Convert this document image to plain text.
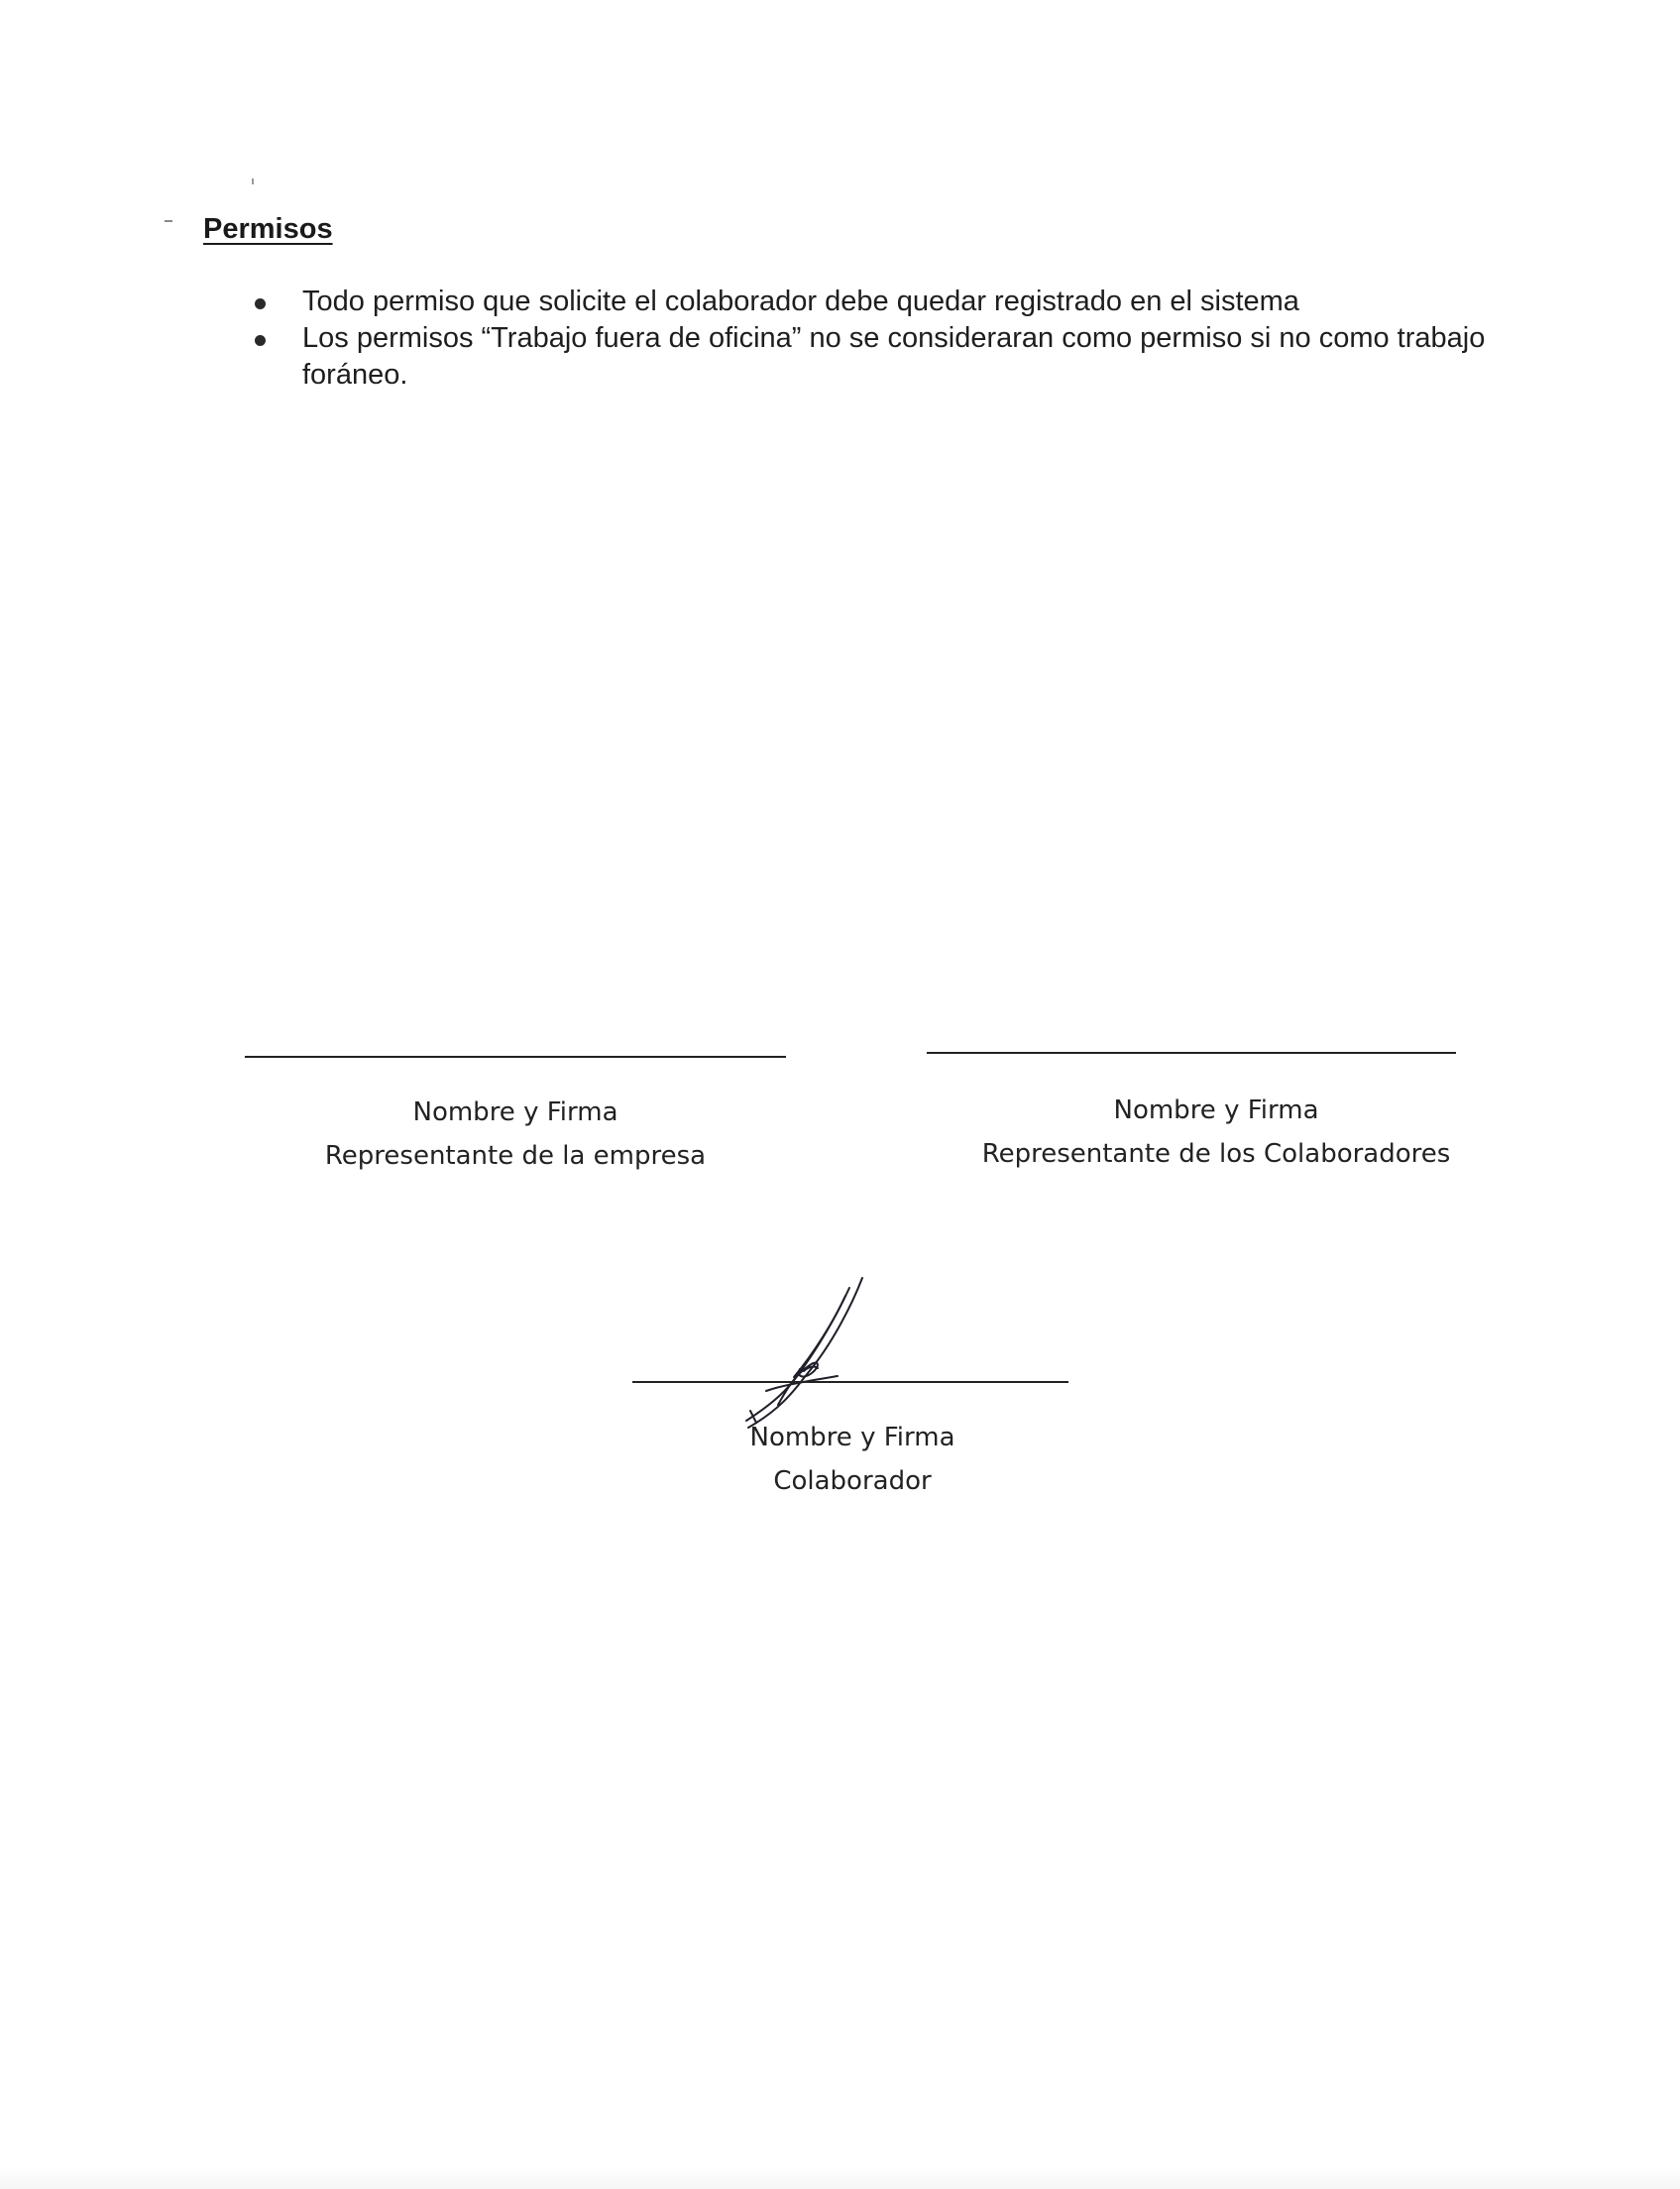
Permisos
Todo permiso que solicite el colaborador debe quedar registrado en el sistema
Los permisos “Trabajo fuera de oficina” no se consideraran como permiso si no como trabajo foráneo.
Nombre y Firma
Representante de la empresa
Nombre y Firma
Representante de los Colaboradores
Nombre y Firma
Colaborador
